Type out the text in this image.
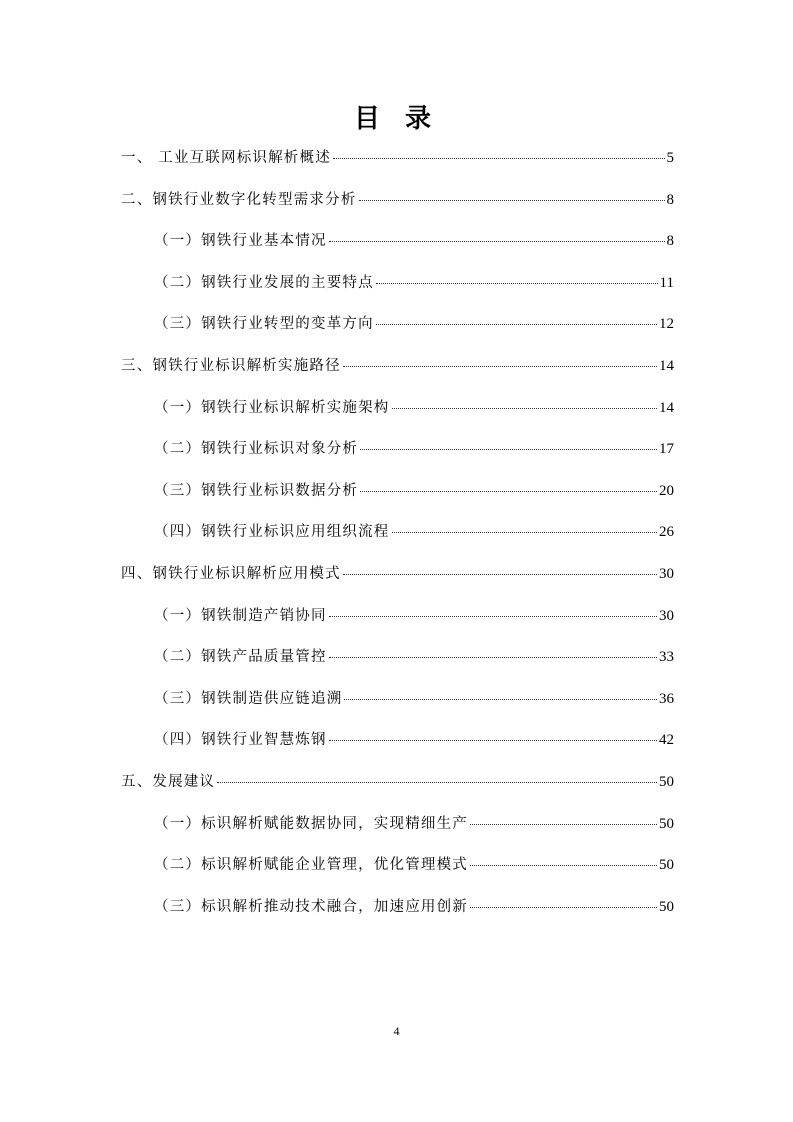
目 录
一、 工业互联网标识解析概述	5
二、钢铁行业数字化转型需求分析	8
（一）钢铁行业基本情况	8
（二）钢铁行业发展的主要特点	11
（三）钢铁行业转型的变革方向	12
三、钢铁行业标识解析实施路径	14
（一）钢铁行业标识解析实施架构	14
（二）钢铁行业标识对象分析	17
（三）钢铁行业标识数据分析	20
（四）钢铁行业标识应用组织流程	26
四、钢铁行业标识解析应用模式	30
（一）钢铁制造产销协同	30
（二）钢铁产品质量管控	33
（三）钢铁制造供应链追溯	36
（四）钢铁行业智慧炼钢	42
五、发展建议	50
（一）标识解析赋能数据协同，实现精细生产	50
（二）标识解析赋能企业管理，优化管理模式	50
（三）标识解析推动技术融合，加速应用创新	50
4
